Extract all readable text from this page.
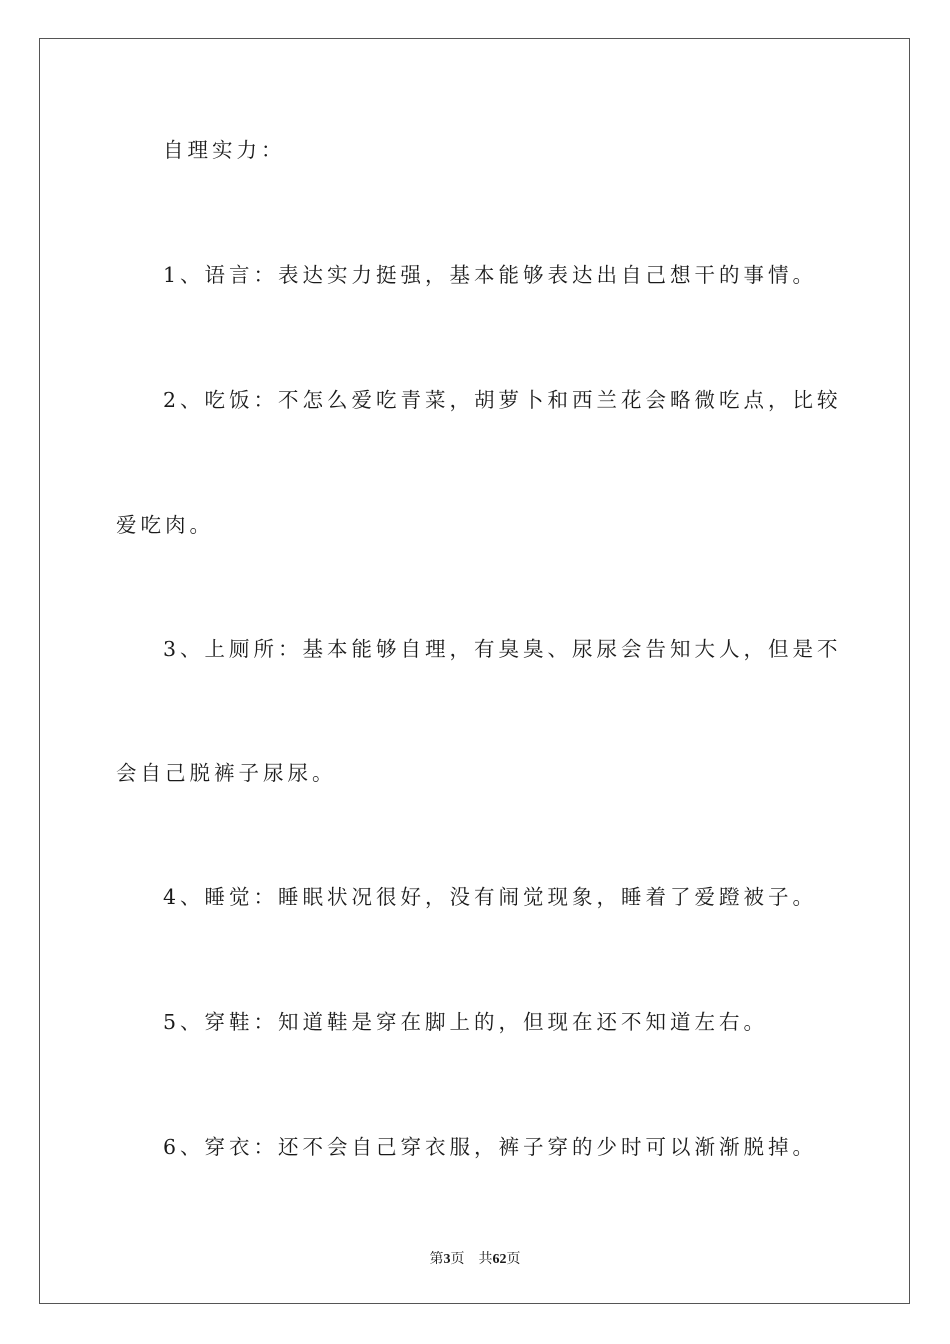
自理实力：
1、语言：表达实力挺强，基本能够表达出自己想干的事情。
2、吃饭：不怎么爱吃青菜，胡萝卜和西兰花会略微吃点，比较
爱吃肉。
3、上厕所：基本能够自理，有臭臭、尿尿会告知大人，但是不
会自己脱裤子尿尿。
4、睡觉：睡眠状况很好，没有闹觉现象，睡着了爱蹬被子。
5、穿鞋：知道鞋是穿在脚上的，但现在还不知道左右。
6、穿衣：还不会自己穿衣服，裤子穿的少时可以渐渐脱掉。
第3页 共62页
